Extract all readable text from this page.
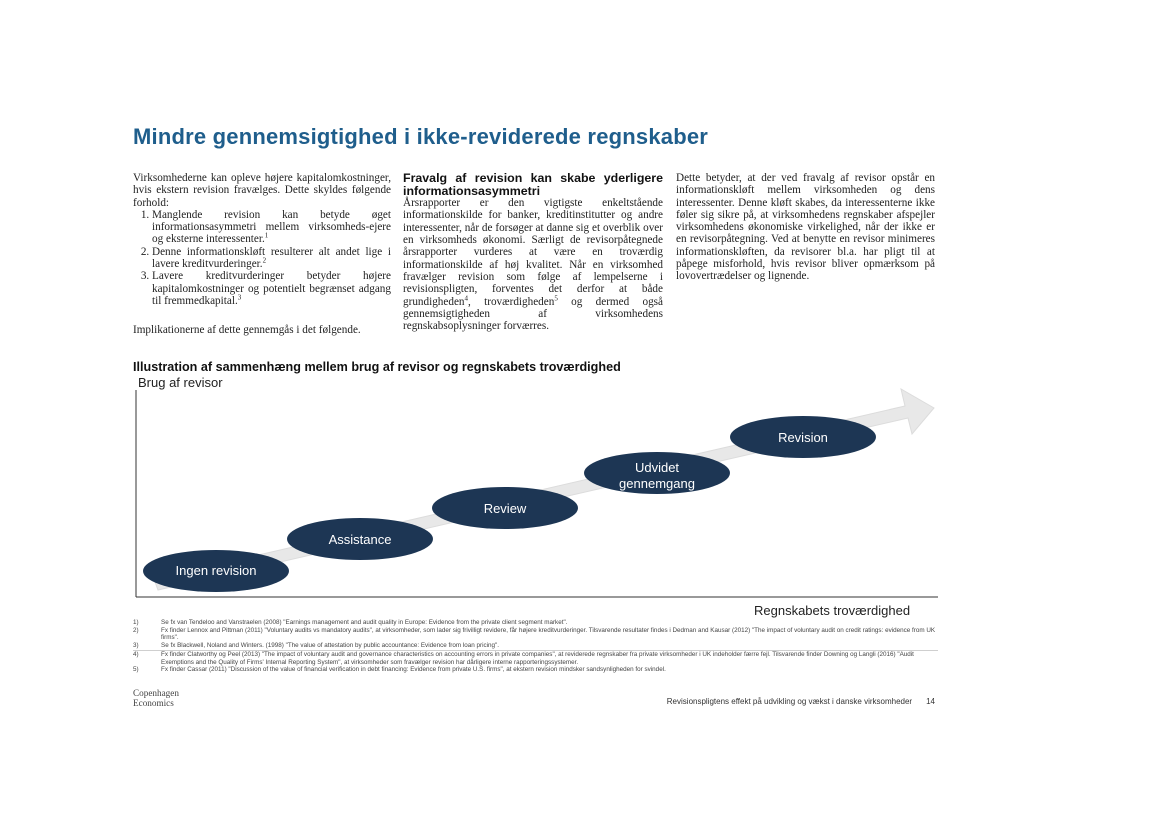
Mindre gennemsigtighed i ikke-reviderede regnskaber

Virksomhederne kan opleve højere kapitalomkostninger, hvis ekstern revision fravælges. Dette skyldes følgende forhold:

1. Manglende revision kan betyde øget informationsasymmetri mellem virksomheds-ejere og eksterne interessenter.$^1$
2. Denne informationskløft resulterer alt andet lige i lavere kreditvurderinger.$^2$
3. Lavere kreditvurderinger betyder højere kapitalomkostninger og potentielt begrænset adgang til fremmedkapital.$^3$

Implikationerne af dette gennemgås i det følgende.

Fravalg af revision kan skabe yderligere informationsasymmetri

Årsrapporter er den vigtigste enkeltstående informationskilde for banker, kreditinstitutter og andre interessenter, når de forsøger at danne sig et overblik over en virksomheds økonomi. Særligt de revisorpåtegnede årsrapporter vurderes at være en troværdig informationskilde af høj kvalitet. Når en virksomhed fravælger revision som følge af lempelserne i revisionspligten, forventes det derfor at både grundigheden$^4$, troværdigheden$^5$ og dermed også gennemsigtigheden af virksomhedens regnskabsoplysninger forværres.

Dette betyder, at der ved fravalg af revisor opstår en informationskløft mellem virksomheden og dens interessenter. Denne kløft skabes, da interessenterne ikke føler sig sikre på, at virksomhedens regnskaber afspejler virksomhedens økonomiske virkelighed, når der ikke er en revisorpåtegning. Ved at benytte en revisor minimeres informationskløften, da revisorer bl.a. har pligt til at påpege misforhold, hvis revisor bliver opmærksom på lovovertrædelser og lignende.

Illustration af sammenhæng mellem brug af revisor og regnskabets troværdighed

Brug af revisor
Ingen revision
Assistance
Review
Udvidet
gennemgang
Revision
Regnskabets troværdighed
1)	Se fx van Tendeloo and Vanstraelen (2008) "Earnings management and audit quality in Europe: Evidence from the private client segment market".
2)	Fx finder Lennox and Pittman (2011) "Voluntary audits vs mandatory audits", at virksomheder, som lader sig frivilligt revidere, får højere kreditvurderinger. Tilsvarende resultater findes i Dedman and Kausar (2012) "The impact of voluntary audit on credit ratings: evidence from UK firms".
3)	Se fx Blackwell, Noland and Winters. (1998) "The value of attestation by public accountance: Evidence from loan pricing".
4)	Fx finder Clatworthy og Peel (2013) "The impact of voluntary audit and governance characteristics on accounting errors in private companies", at reviderede regnskaber fra private virksomheder i UK indeholder færre fejl. Tilsvarende finder Downing og Langli (2016) "Audit Exemptions and the Quality of Firms' Internal Reporting System", at virksomheder som fravælger revision har dårligere interne rapporteringssystemer.
5)	Fx finder Cassar (2011) "Discussion of the value of financial verification in debt financing: Evidence from private U.S. firms", at ekstern revision mindsker sandsynligheden for svindel.
Copenhagen
Economics	Revisionspligtens effekt på udvikling og vækst i danske virksomheder 14
